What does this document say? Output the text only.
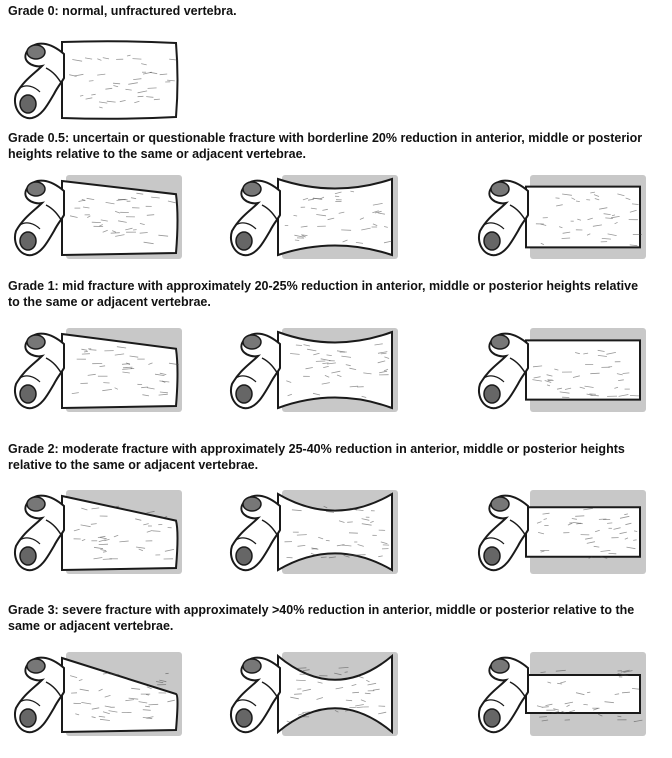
Grade 0: normal, unfractured vertebra.

Grade 0.5: uncertain or questionable fracture with borderline 20% reduction in anterior, middle or posterior heights relative to the same or adjacent vertebrae.

Grade 1: mid fracture with approximately 20-25% reduction in anterior, middle or posterior heights relative to the same or adjacent vertebrae.

Grade 2: moderate fracture with approximately 25-40% reduction in anterior, middle or posterior heights relative to the same or adjacent vertebrae.

Grade 3: severe fracture with approximately >40% reduction in anterior, middle or posterior relative to the same or adjacent vertebrae.
